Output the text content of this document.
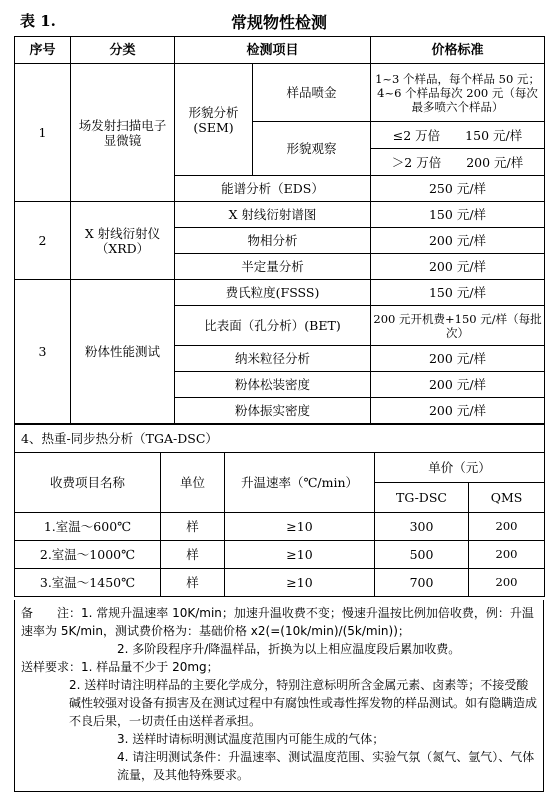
表 1.	常规物性检测
序号	分类	检测项目		价格标准
1	场发射扫描电子显微镜	形貌分析(SEM)	样品喷金	1~3 个样品，每个样品 50 元；4~6 个样品每次 200 元（每次最多喷六个样品）
			形貌观察	≤2 万倍　　150 元/样
				＞2 万倍　　200 元/样
		能谱分析（EDS）		250 元/样
2	X 射线衍射仪（XRD）	X 射线衍射谱图		150 元/样
		物相分析		200 元/样
		半定量分析		200 元/样
3	粉体性能测试	费氏粒度(FSSS)		150 元/样
		比表面（孔分析）(BET)		200 元开机费+150 元/样（每批次）
		纳米粒径分析		200 元/样
		粉体松装密度		200 元/样
		粉体振实密度		200 元/样
4、热重-同步热分析（TGA-DSC）				
收费项目名称	单位	升温速率（℃/min）	单价（元）	
			TG-DSC	QMS
1.室温～600℃	样	≥10	300	200
2.室温～1000℃	样	≥10	500	200
3.室温～1450℃	样	≥10	700	200

备　　注：1. 常规升温速率 10K/min；加速升温收费不变；慢速升温按比例加倍收费，例：升温速率为 5K/min，测试费价格为：基础价格 x2(=(10k/min)/(5k/min))；

2. 多阶段程序升/降温样品，折换为以上相应温度段后累加收费。

送样要求：1. 样品量不少于 20mg；

2. 送样时请注明样品的主要化学成分，特别注意标明所含金属元素、卤素等；不接受酸碱性较强对设备有损害及在测试过程中有腐蚀性或毒性挥发物的样品测试。如有隐瞒造成不良后果，一切责任由送样者承担。

3. 送样时请标明测试温度范围内可能生成的气体；

4. 请注明测试条件：升温速率、测试温度范围、实验气氛（氮气、氩气）、气体流量，及其他特殊要求。
